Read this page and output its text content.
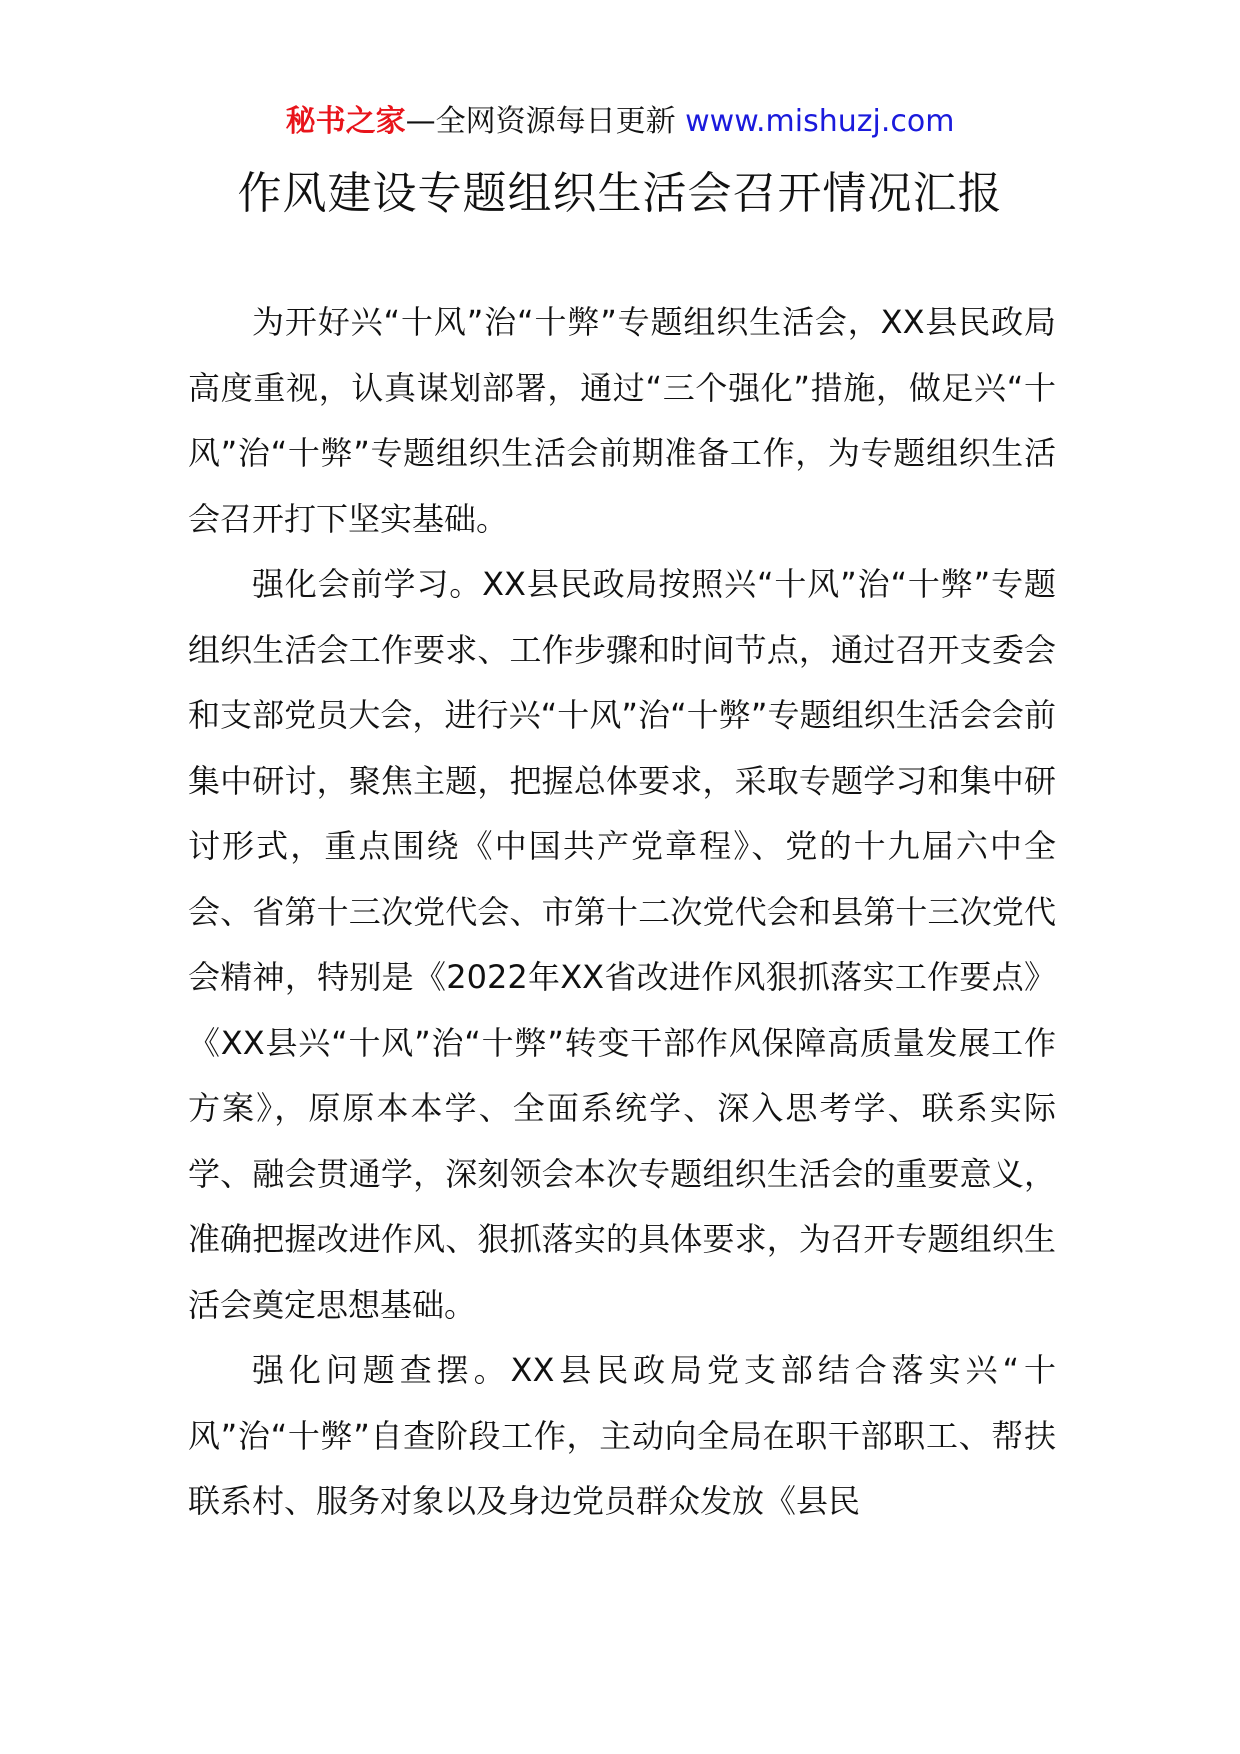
秘书之家—全网资源每日更新 www.mishuzj.com
作风建设专题组织生活会召开情况汇报

为开好兴“十风”治“十弊”专题组织生活会，XX县民政局高度重视，认真谋划部署，通过“三个强化”措施，做足兴“十风”治“十弊”专题组织生活会前期准备工作，为专题组织生活会召开打下坚实基础。

强化会前学习。XX县民政局按照兴“十风”治“十弊”专题组织生活会工作要求、工作步骤和时间节点，通过召开支委会和支部党员大会，进行兴“十风”治“十弊”专题组织生活会会前集中研讨，聚焦主题，把握总体要求，采取专题学习和集中研讨形式，重点围绕《中国共产党章程》、党的十九届六中全会、省第十三次党代会、市第十二次党代会和县第十三次党代会精神，特别是《2022年XX省改进作风狠抓落实工作要点》《XX县兴“十风”治“十弊”转变干部作风保障高质量发展工作方案》，原原本本学、全面系统学、深入思考学、联系实际学、融会贯通学，深刻领会本次专题组织生活会的重要意义，准确把握改进作风、狠抓落实的具体要求，为召开专题组织生活会奠定思想基础。

强化问题查摆。XX县民政局党支部结合落实兴“十风”治“十弊”自查阶段工作，主动向全局在职干部职工、帮扶联系村、服务对象以及身边党员群众发放《县民
